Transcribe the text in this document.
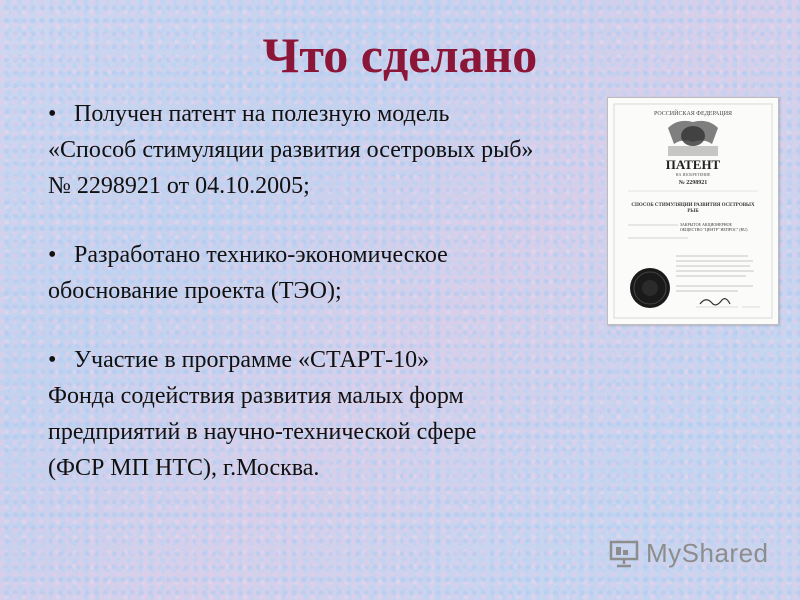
Что сделано
• Получен патент на полезную модель
«Способ стимуляции развития осетровых рыб»
№ 2298921 от 04.10.2005;
• Разработано технико-экономическое
обоснование проекта (ТЭО);
• Участие в программе «СТАРТ-10»
Фонда содействия развития малых форм
предприятий в научно-технической сфере
(ФСР МП НТС), г.Москва.
РОССИЙСКАЯ ФЕДЕРАЦИЯ
ПАТЕНТ
НА ИЗОБРЕТЕНИЕ
№ 2298921
СПОСОБ СТИМУЛЯЦИИ РАЗВИТИЯ ОСЕТРОВЫХ
РЫБ
ЗАКРЫТОЕ АКЦИОНЕРНОЕ
ОБЩЕСТВО "ЦЕНТР" НЕПРОС" (RU)
MyShared
